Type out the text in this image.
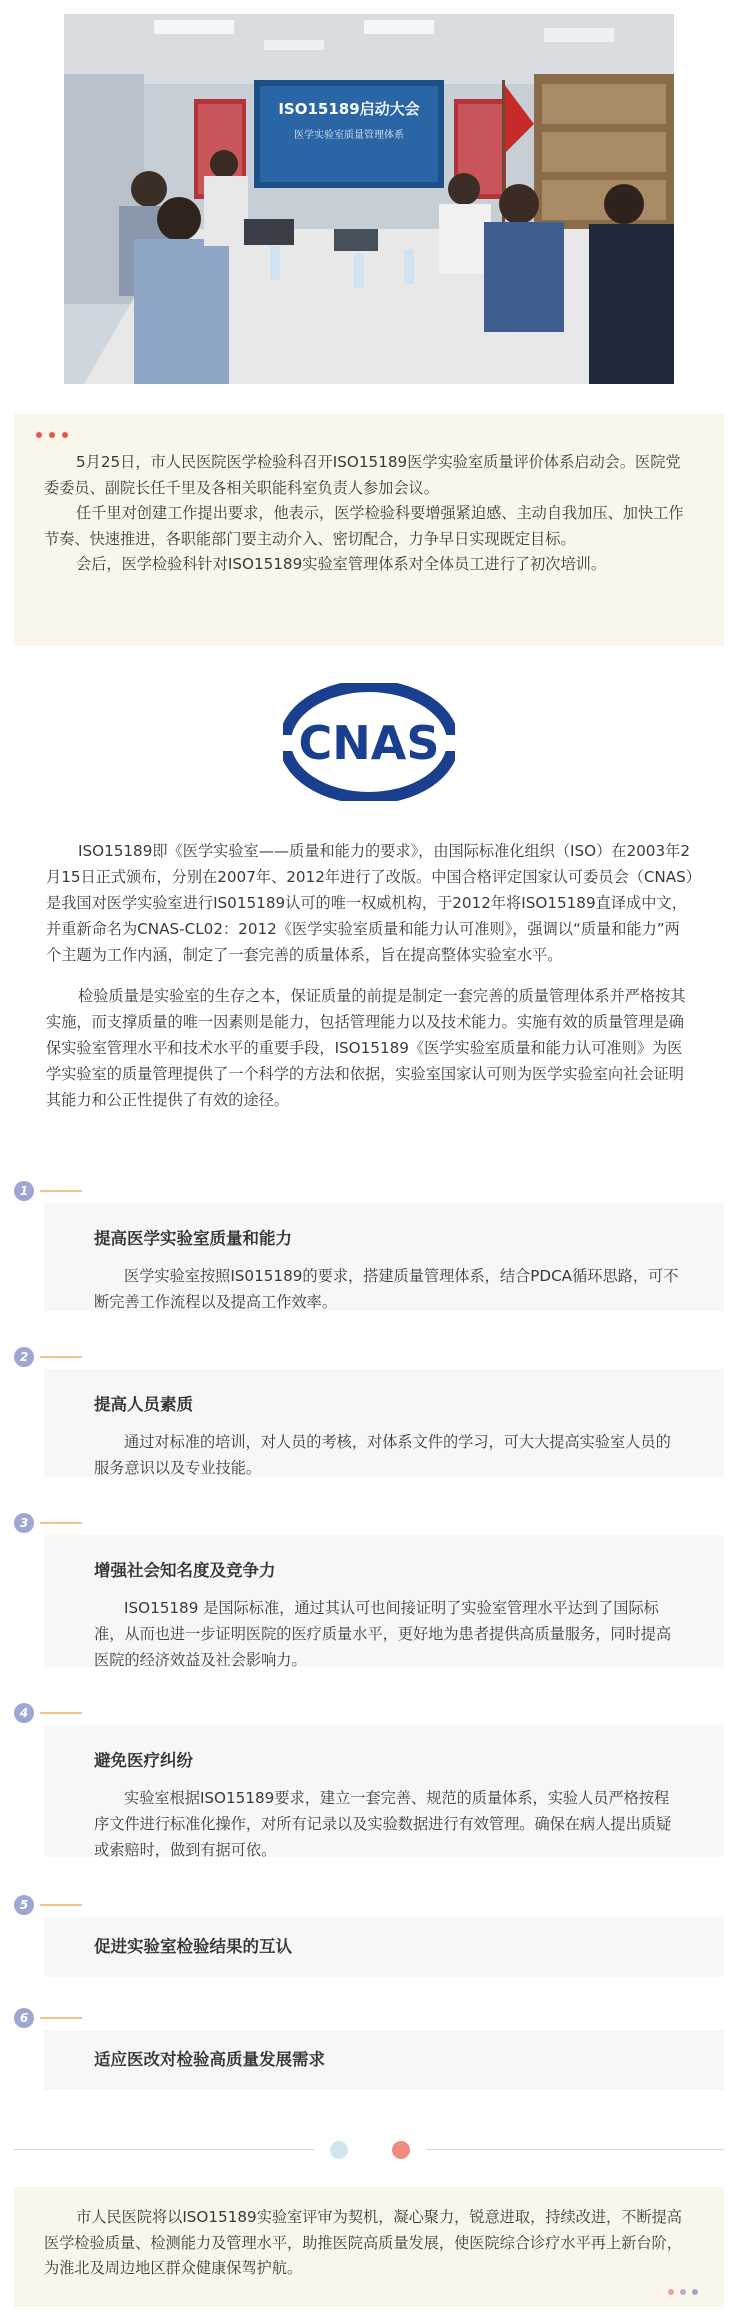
ISO15189启动大会
医学实验室质量管理体系

5月25日，市人民医院医学检验科召开ISO15189医学实验室质量评价体系启动会。医院党委委员、副院长任千里及各相关职能科室负责人参加会议。

任千里对创建工作提出要求，他表示，医学检验科要增强紧迫感、主动自我加压、加快工作节奏、快速推进，各职能部门要主动介入、密切配合，力争早日实现既定目标。

会后，医学检验科针对ISO15189实验室管理体系对全体员工进行了初次培训。

CNAS

ISO15189即《医学实验室——质量和能力的要求》，由国际标准化组织（ISO）在2003年2月15日正式颁布，分别在2007年、2012年进行了改版。中国合格评定国家认可委员会（CNAS）是我国对医学实验室进行IS015189认可的唯一权威机构，于2012年将ISO15189直译成中文，并重新命名为CNAS-CL02：2012《医学实验室质量和能力认可准则》，强调以“质量和能力”两个主题为工作内涵，制定了一套完善的质量体系，旨在提高整体实验室水平。

检验质量是实验室的生存之本，保证质量的前提是制定一套完善的质量管理体系并严格按其实施，而支撑质量的唯一因素则是能力，包括管理能力以及技术能力。实施有效的质量管理是确保实验室管理水平和技术水平的重要手段，ISO15189《医学实验室质量和能力认可准则》为医学实验室的质量管理提供了一个科学的方法和依据，实验室国家认可则为医学实验室向社会证明其能力和公正性提供了有效的途径。

1
提高医学实验室质量和能力

医学实验室按照IS015189的要求，搭建质量管理体系，结合PDCA循环思路，可不断完善工作流程以及提高工作效率。

2
提高人员素质

通过对标准的培训，对人员的考核，对体系文件的学习，可大大提高实验室人员的服务意识以及专业技能。

3
增强社会知名度及竞争力

ISO15189 是国际标准，通过其认可也间接证明了实验室管理水平达到了国际标准，从而也进一步证明医院的医疗质量水平，更好地为患者提供高质量服务，同时提高医院的经济效益及社会影响力。

4
避免医疗纠纷

实验室根据ISO15189要求，建立一套完善、规范的质量体系，实验人员严格按程序文件进行标准化操作，对所有记录以及实验数据进行有效管理。确保在病人提出质疑或索赔时，做到有据可依。

5
促进实验室检验结果的互认
6
适应医改对检验高质量发展需求

市人民医院将以ISO15189实验室评审为契机，凝心聚力，锐意进取，持续改进，不断提高医学检验质量、检测能力及管理水平，助推医院高质量发展，使医院综合诊疗水平再上新台阶，为淮北及周边地区群众健康保驾护航。
